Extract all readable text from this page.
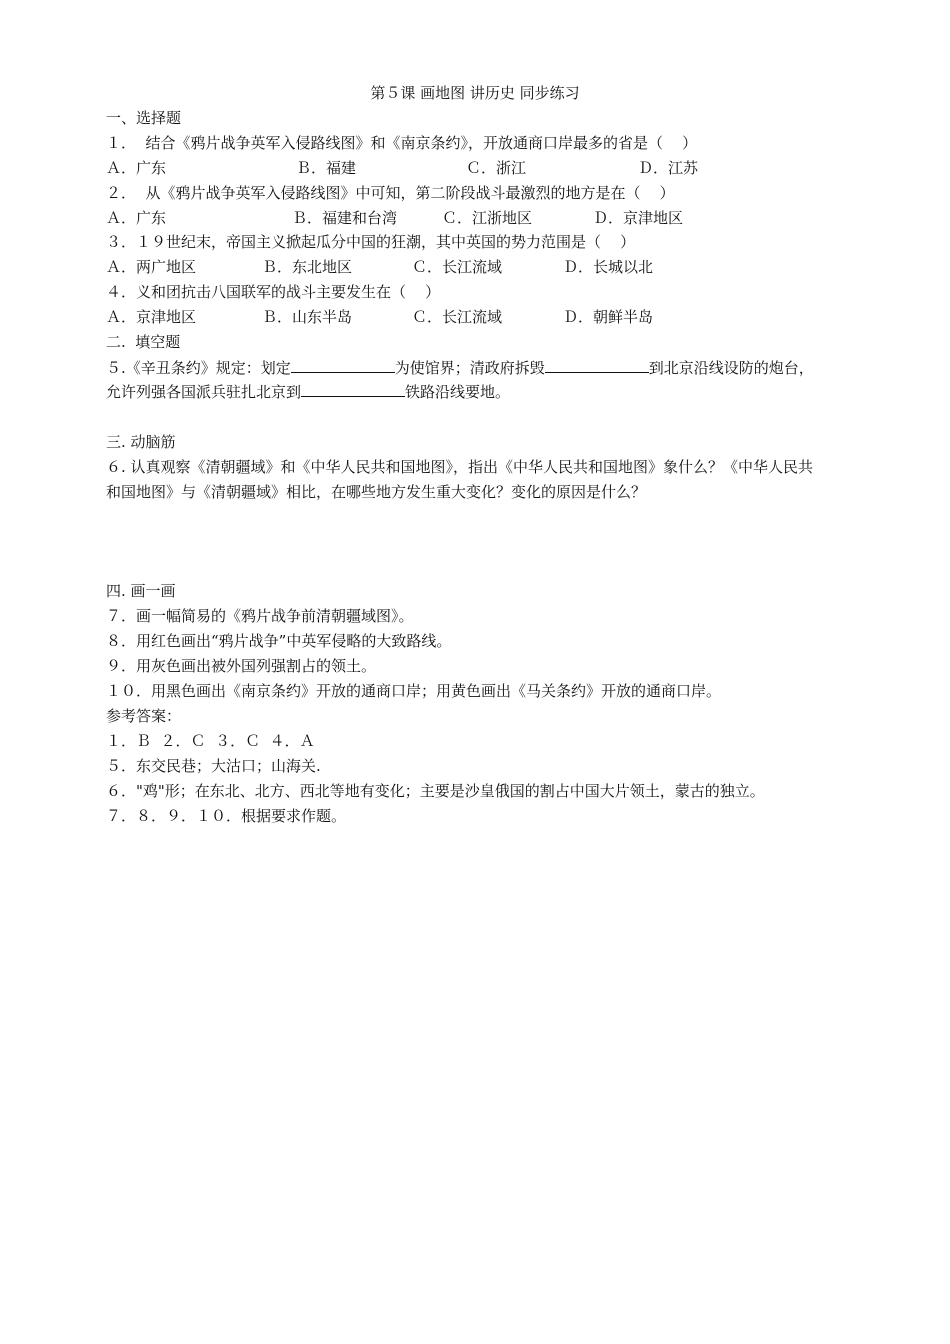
第５课 画地图 讲历史 同步练习
一、选择题
１．  结合《鸦片战争英军入侵路线图》和《南京条约》，开放通商口岸最多的省是（    ）
Ａ．广东	Ｂ．福建	Ｃ．浙江	Ｄ．江苏
２．  从《鸦片战争英军入侵路线图》中可知，第二阶段战斗最激烈的地方是在（    ）
Ａ．广东	Ｂ．福建和台湾	Ｃ．江浙地区	Ｄ．京津地区
３．１９世纪末，帝国主义掀起瓜分中国的狂潮，其中英国的势力范围是（    ）
Ａ．两广地区	Ｂ．东北地区	Ｃ．长江流域	Ｄ．长城以北
４．义和团抗击八国联军的战斗主要发生在（    ）
Ａ．京津地区	Ｂ．山东半岛	Ｃ．长江流域	Ｄ．朝鲜半岛
二.  填空题
５.《辛丑条约》规定：划定	为使馆界；清政府拆毁	到北京沿线设防的炮台，
允许列强各国派兵驻扎北京到	铁路沿线要地。
三. 动脑筋
６. 认真观察《清朝疆域》和《中华人民共和国地图》，指出《中华人民共和国地图》象什么？《中华人民共
和国地图》与《清朝疆域》相比，在哪些地方发生重大变化？变化的原因是什么？
四. 画一画
７．画一幅简易的《鸦片战争前清朝疆域图》。
８．用红色画出“鸦片战争”中英军侵略的大致路线。
９．用灰色画出被外国列强割占的领土。
１０．用黑色画出《南京条约》开放的通商口岸；用黄色画出《马关条约》开放的通商口岸。
参考答案：
１．Ｂ  ２．Ｃ  ３．Ｃ  ４．Ａ
５．东交民巷；大沽口；山海关.
６．"鸡"形；在东北、北方、西北等地有变化；主要是沙皇俄国的割占中国大片领土，蒙古的独立。
７．８．９．１０．根据要求作题。
